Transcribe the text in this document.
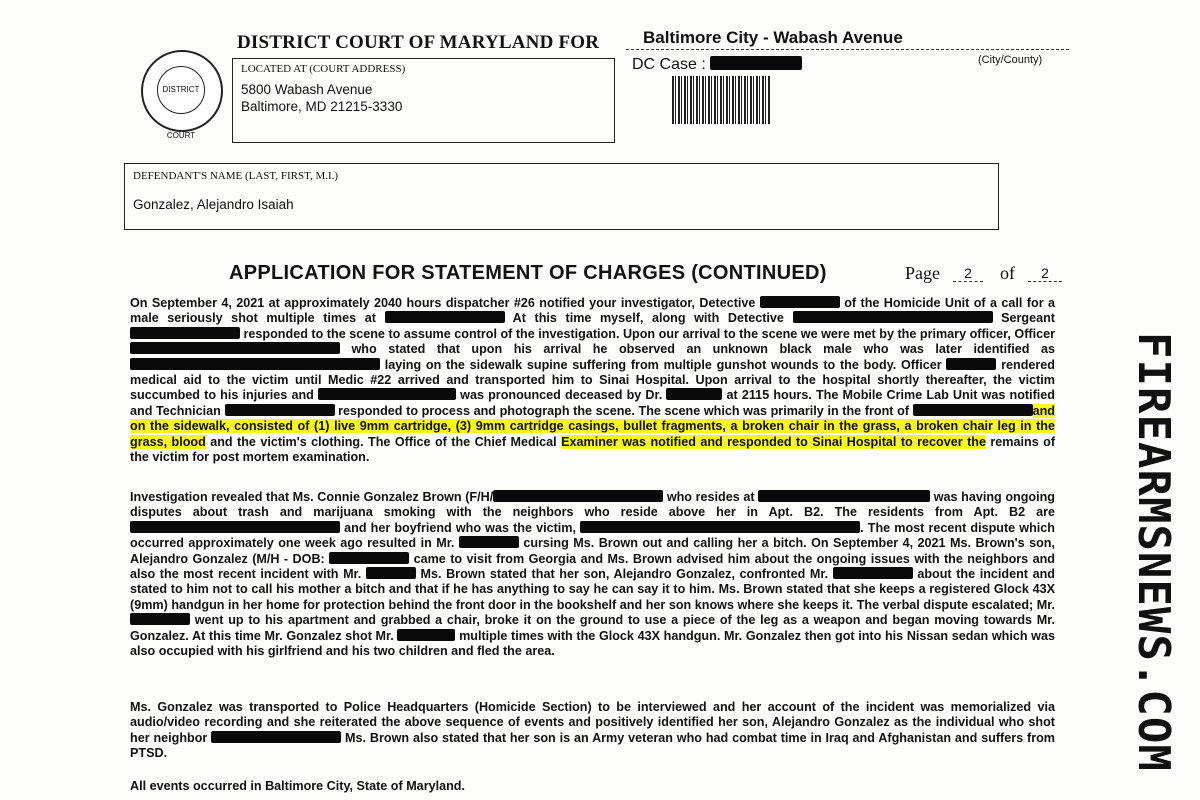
DISTRICT COURT
DISTRICT COURT OF MARYLAND FOR	Baltimore City - Wabash Avenue
(City/County)
DC Case :
LOCATED AT (COURT ADDRESS)
5800 Wabash Avenue
Baltimore, MD 21215-3330
DEFENDANT'S NAME (LAST, FIRST, M.I.)
Gonzalez, Alejandro Isaiah
APPLICATION FOR STATEMENT OF CHARGES (CONTINUED)	Page	2	of	2
On September 4, 2021 at approximately 2040 hours dispatcher #26 notified your investigator, Detective	of the Homicide Unit of a call for a male seriously shot multiple times at	At this time myself, along with Detective	Sergeant  responded to the scene to assume control of the investigation. Upon our arrival to the scene we were met by the primary officer, Officer  who stated that upon his arrival he observed an unknown black male who was later identified as  laying on the sidewalk supine suffering from multiple gunshot wounds to the body. Officer	rendered medical aid to the victim until Medic #22 arrived and transported him to Sinai Hospital. Upon arrival to the hospital shortly thereafter, the victim succumbed to his injuries and	was pronounced deceased by Dr.	at 2115 hours. The Mobile Crime Lab Unit was notified and Technician	responded to process and photograph the scene. The scene which was primarily in the front of	and on the sidewalk, consisted of (1) live 9mm cartridge, (3) 9mm cartridge casings, bullet fragments, a broken chair in the grass, a broken chair leg in the grass, blood and the victim's clothing. The Office of the Chief Medical Examiner was notified and responded to Sinai Hospital to recover the remains of the victim for post mortem examination.
Investigation revealed that Ms. Connie Gonzalez Brown (F/H/	who resides at	was having ongoing disputes about trash and marijuana smoking with the neighbors who reside above her in Apt. B2. The residents from Apt. B2 are  and her boyfriend who was the victim,	. The most recent dispute which occurred approximately one week ago resulted in Mr.	cursing Ms. Brown out and calling her a bitch. On September 4, 2021 Ms. Brown's son, Alejandro Gonzalez (M/H - DOB:	came to visit from Georgia and Ms. Brown advised him about the ongoing issues with the neighbors and also the most recent incident with Mr.	Ms. Brown stated that her son, Alejandro Gonzalez, confronted Mr.	about the incident and stated to him not to call his mother a bitch and that if he has anything to say he can say it to him. Ms. Brown stated that she keeps a registered Glock 43X (9mm) handgun in her home for protection behind the front door in the bookshelf and her son knows where she keeps it. The verbal dispute escalated; Mr.  went up to his apartment and grabbed a chair, broke it on the ground to use a piece of the leg as a weapon and began moving towards Mr. Gonzalez. At this time Mr. Gonzalez shot Mr.	multiple times with the Glock 43X handgun. Mr. Gonzalez then got into his Nissan sedan which was also occupied with his girlfriend and his two children and fled the area.
Ms. Gonzalez was transported to Police Headquarters (Homicide Section) to be interviewed and her account of the incident was memorialized via audio/video recording and she reiterated the above sequence of events and positively identified her son, Alejandro Gonzalez as the individual who shot her neighbor	Ms. Brown also stated that her son is an Army veteran who had combat time in Iraq and Afghanistan and suffers from PTSD.
All events occurred in Baltimore City, State of Maryland.
FIREARMSNEWS.COM
